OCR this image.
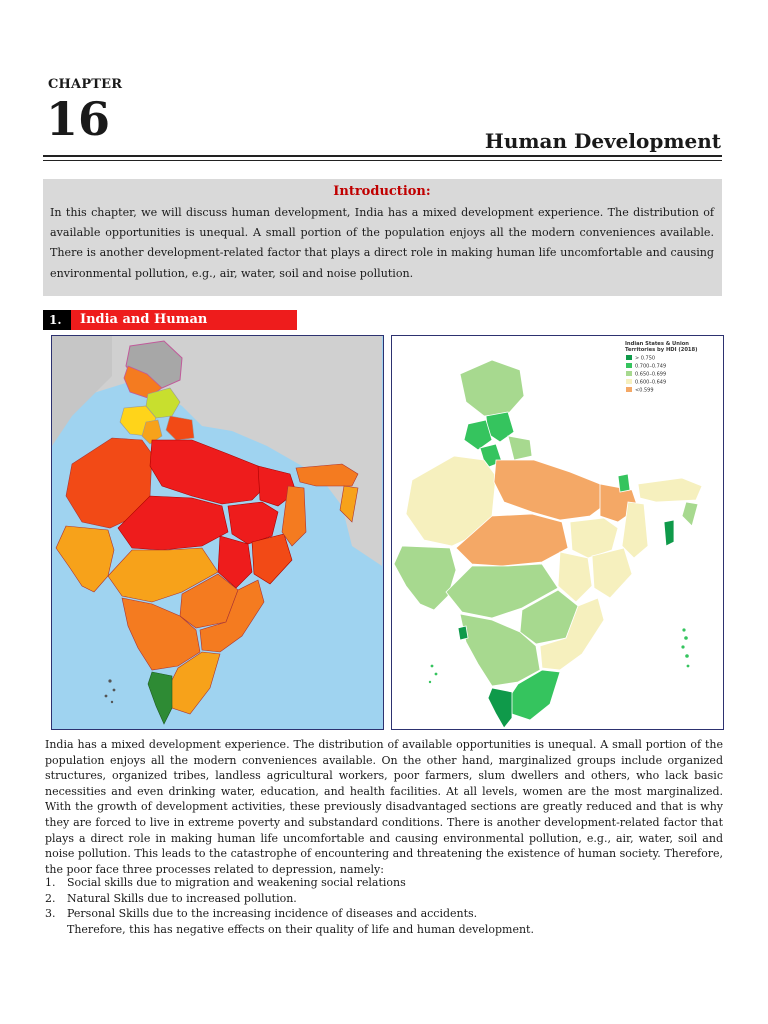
CHAPTER
16	Human Development
Introduction:
In this chapter, we will discuss human development, India has a mixed development experience. The distribution of available opportunities is unequal. A small portion of the population enjoys all the modern conveniences available. There is another development-related factor that plays a direct role in making human life uncomfortable and causing environmental pollution, e.g., air, water, soil and noise pollution.
1.	India and Human
Indian States & Union
Territories by HDI (2018)
> 0.750
0.700–0.749
0.650–0.699
0.600–0.649
<0.599
India has a mixed development experience. The distribution of available opportunities is unequal. A small portion of the population enjoys all the modern conveniences available. On the other hand, marginalized groups include organized structures, organized tribes, landless agricultural workers, poor farmers, slum dwellers and others, who lack basic necessities and even drinking water, education, and health facilities. At all levels, women are the most marginalized. With the growth of development activities, these previously disadvantaged sections are greatly reduced and that is why they are forced to live in extreme poverty and substandard conditions. There is another development-related factor that plays a direct role in making human life uncomfortable and causing environmental pollution, e.g., air, water, soil and noise pollution. This leads to the catastrophe of encountering and threatening the existence of human society. Therefore, the poor face three processes related to depression, namely:
1.	Social skills due to migration and weakening social relations
2.	Natural Skills due to increased pollution.
3.	Personal Skills due to the increasing incidence of diseases and accidents.
Therefore, this has negative effects on their quality of life and human development.
